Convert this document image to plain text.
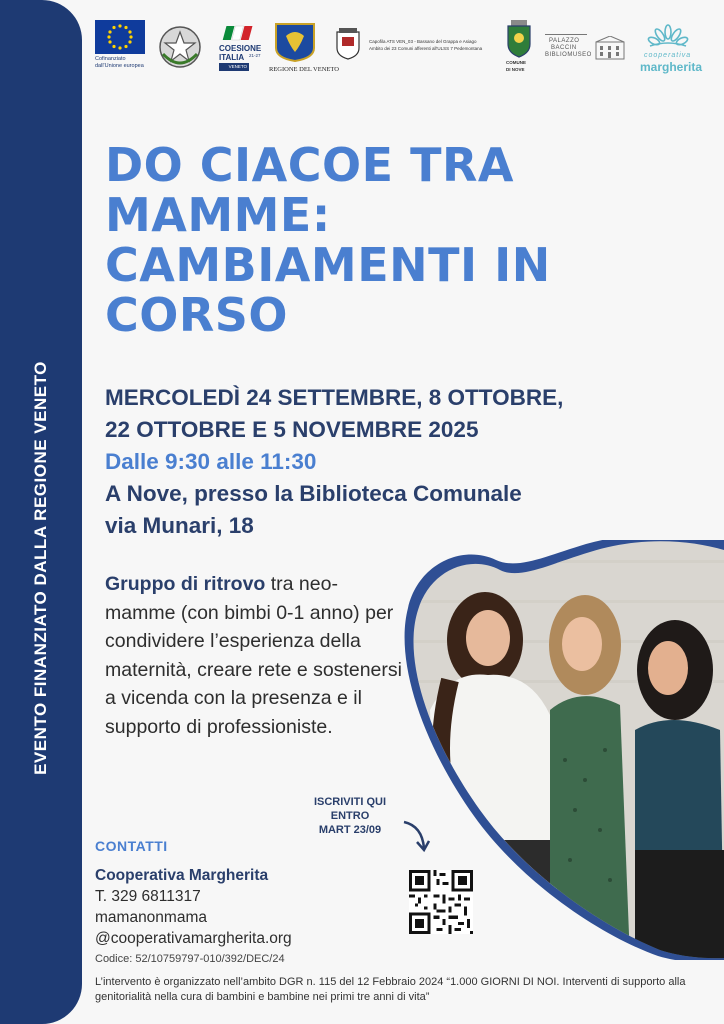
EVENTO FINANZIATO DALLA REGIONE VENETO
Cofinanziato
dall'Unione europea
COESIONE
ITALIA 21-27
VENETO	REGIONE DEL VENETO
Capofila ATS VEN_03 - Bassano del Grappa e Asiago
Ambito dei 23 Comuni afferenti all'ULSS 7 Pedemontana
COMUNE
DI NOVE
PALAZZO
BACCIN
BIBLIOMUSEO	cooperativa
margherita
DO CIACOE TRA MAMME: CAMBIAMENTI IN CORSO
MERCOLEDÌ 24 SETTEMBRE, 8 OTTOBRE,
22 OTTOBRE E 5 NOVEMBRE 2025
Dalle 9:30 alle 11:30
A Nove, presso la Biblioteca Comunale
via Munari, 18
Gruppo di ritrovo tra neo-mamme (con bimbi 0-1 anno) per condividere l’esperienza della maternità, creare rete e sostenersi a vicenda con la presenza e il supporto di professioniste.
ISCRIVITI QUI
ENTRO
MART 23/09
CONTATTI
Cooperativa Margherita
T. 329 6811317
mamanonmama
@cooperativamargherita.org
Codice: 52/10759797-010/392/DEC/24
L’intervento è organizzato nell’ambito DGR n. 115 del 12 Febbraio 2024 “1.000 GIORNI DI NOI. Interventi di supporto alla genitorialità nella cura di bambini e bambine nei primi tre anni di vita”
